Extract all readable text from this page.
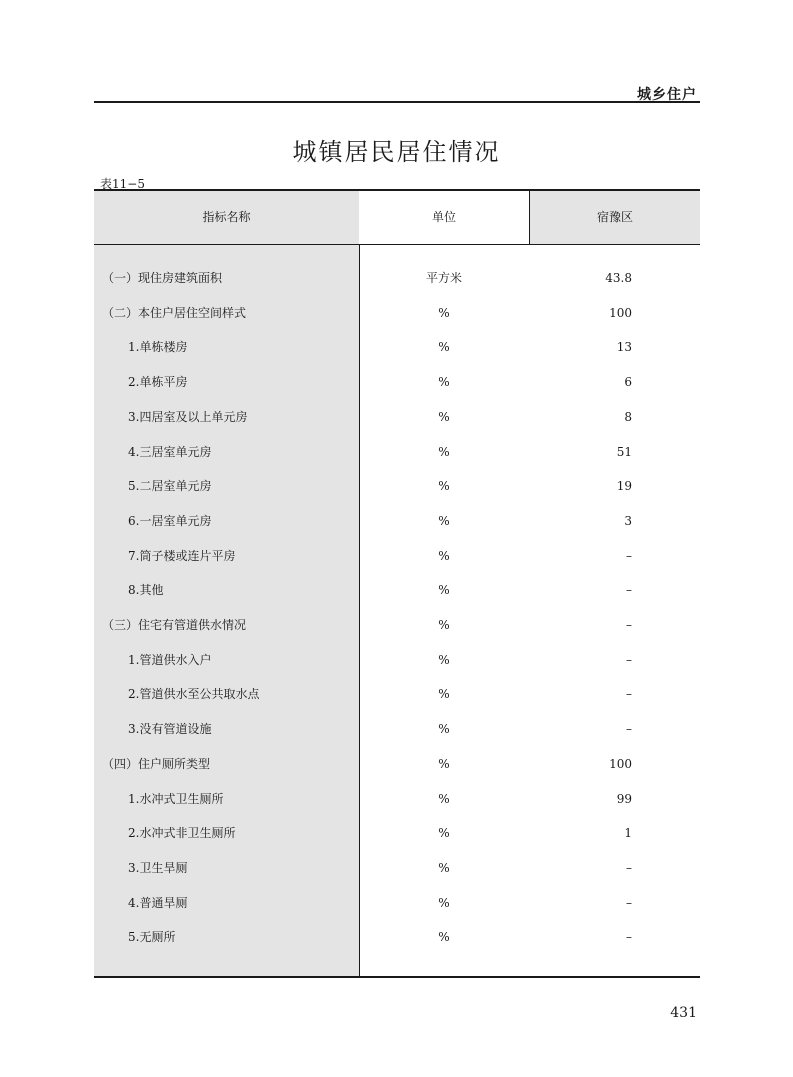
城乡住户
城镇居民居住情况
表11−5
指标名称	单位	宿豫区
（一）现住房建筑面积	平方米	43.8
（二）本住户居住空间样式	%	100
1.单栋楼房	%	13
2.单栋平房	%	6
3.四居室及以上单元房	%	8
4.三居室单元房	%	51
5.二居室单元房	%	19
6.一居室单元房	%	3
7.筒子楼或连片平房	%	–
8.其他	%	–
（三）住宅有管道供水情况	%	–
1.管道供水入户	%	–
2.管道供水至公共取水点	%	–
3.没有管道设施	%	–
（四）住户厕所类型	%	100
1.水冲式卫生厕所	%	99
2.水冲式非卫生厕所	%	1
3.卫生旱厕	%	–
4.普通旱厕	%	–
5.无厕所	%	–
431
